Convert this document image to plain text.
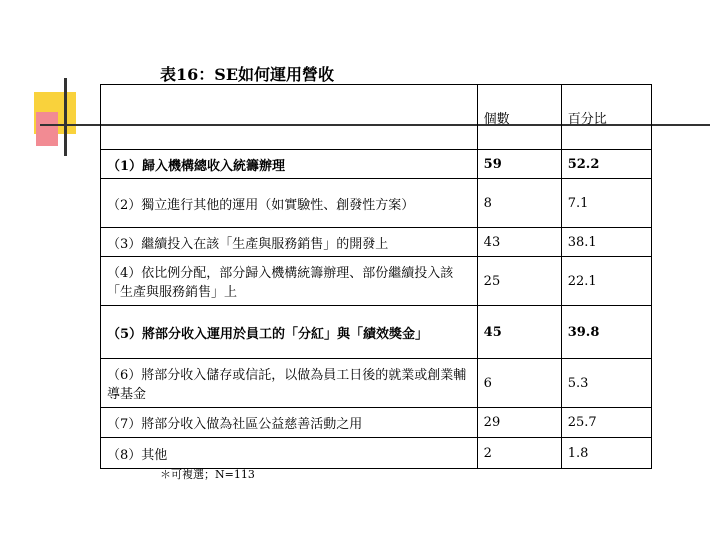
表16：SE如何運用營收
	個數	百分比
（1）歸入機構總收入統籌辦理	59	52.2
（2）獨立進行其他的運用（如實驗性、創發性方案）	8	7.1
（3）繼續投入在該「生產與服務銷售」的開發上	43	38.1
（4）依比例分配，部分歸入機構統籌辦理、部份繼續投入該「生產與服務銷售」上	25	22.1
（5）將部分收入運用於員工的「分紅」與「績效獎金」	45	39.8
（6）將部分收入儲存或信託，以做為員工日後的就業或創業輔導基金	6	5.3
（7）將部分收入做為社區公益慈善活動之用	29	25.7
（8）其他	2	1.8
＊可複選；N=113
